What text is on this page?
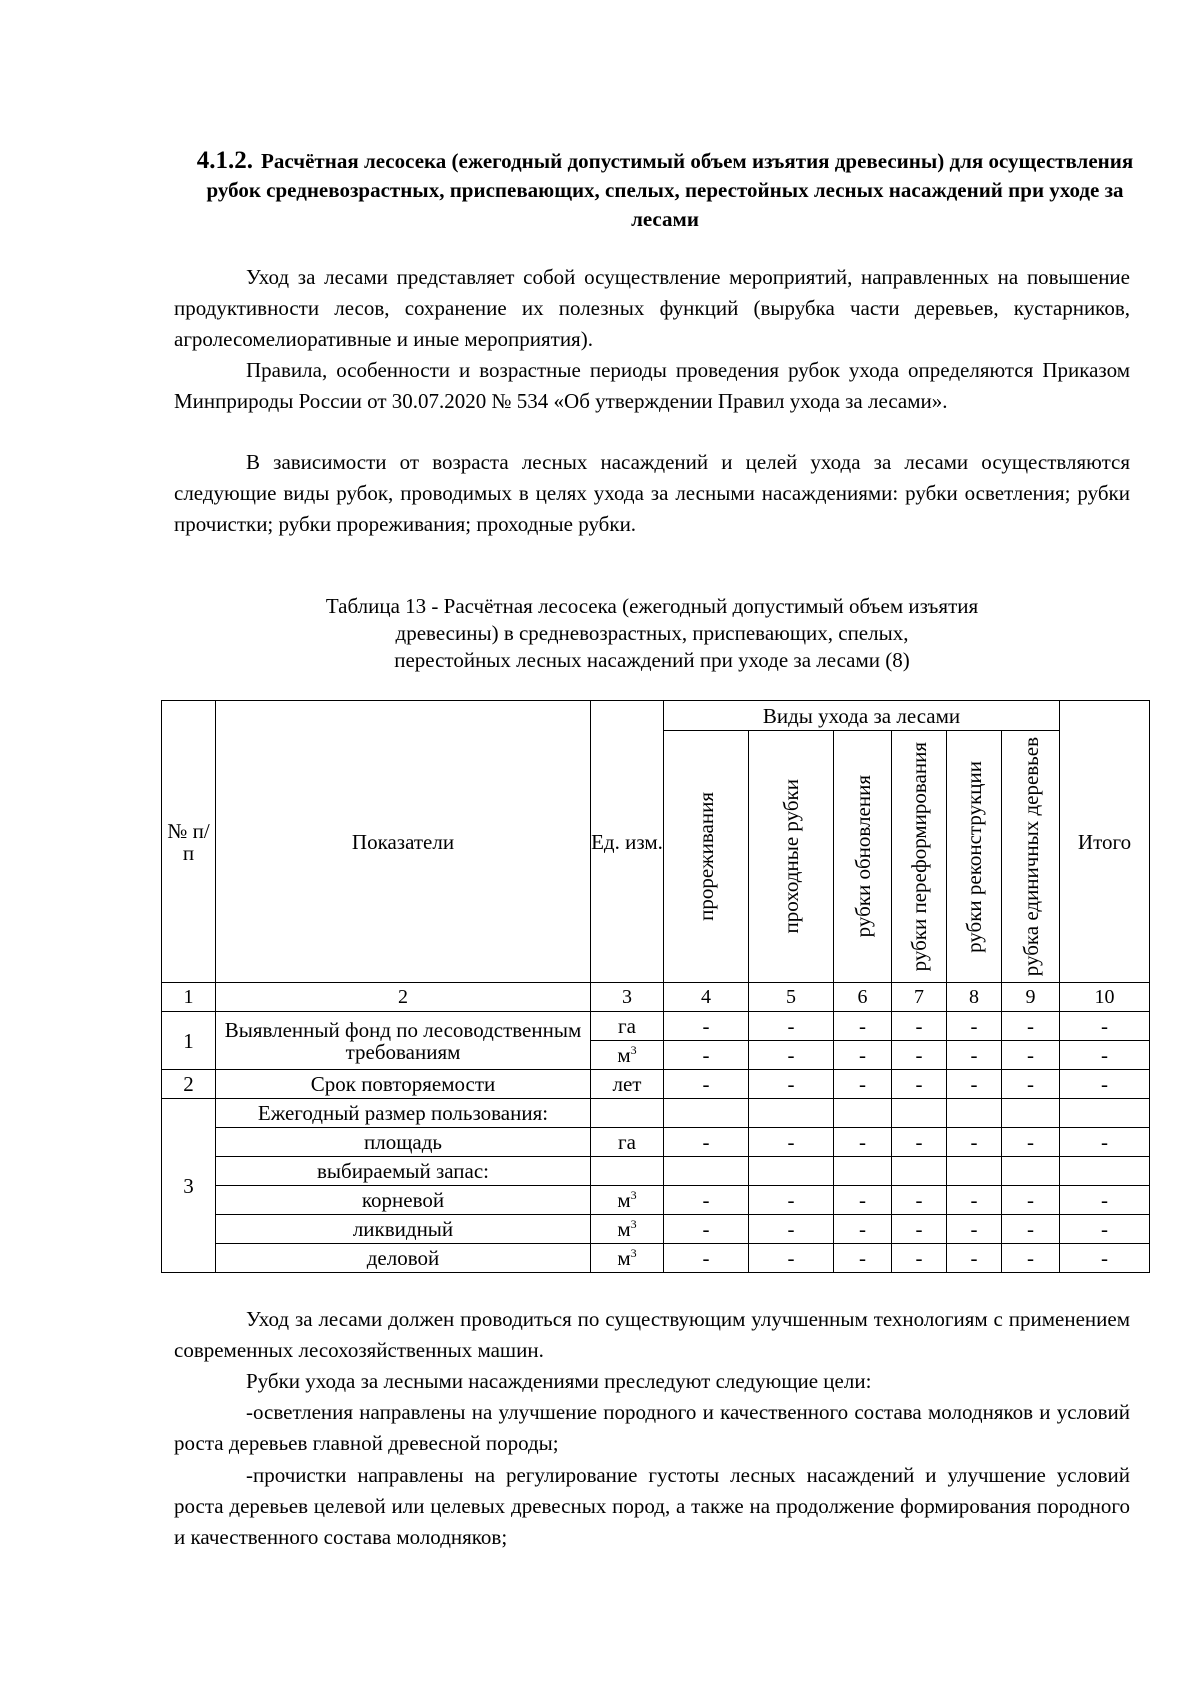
4.1.2. Расчётная лесосека (ежегодный допустимый объем изъятия древесины) для осуществления рубок средневозрастных, приспевающих, спелых, перестойных лесных насаждений при уходе за лесами

Уход за лесами представляет собой осуществление мероприятий, направленных на повышение продуктивности лесов, сохранение их полезных функций (вырубка части деревьев, кустарников, агролесомелиоративные и иные мероприятия).

Правила, особенности и возрастные периоды проведения рубок ухода определяются Приказом Минприроды России от 30.07.2020 № 534 «Об утверждении Правил ухода за лесами».

В зависимости от возраста лесных насаждений и целей ухода за лесами осуществляются следующие виды рубок, проводимых в целях ухода за лесными насаждениями: рубки осветления; рубки прочистки; рубки прореживания; проходные рубки.

Таблица 13 - Расчётная лесосека (ежегодный допустимый объем изъятия
древесины) в средневозрастных, приспевающих, спелых,
перестойных лесных насаждений при уходе за лесами (8)
№ п/ п	Показатели	Ед. изм.	Виды ухода за лесами						Итого

			прореживания	проходные рубки	рубки обновления	рубки переформирования	рубки реконструкции	рубка единичных деревьев	

1	2	3	4	5	6	7	8	9	10
1	Выявленный фонд по лесоводственным требованиям	га	-	-	-	-	-	-	-
		$м^3$	-	-	-	-	-	-	-
2	Срок повторяемости	лет	-	-	-	-	-	-	-
3	Ежегодный размер пользования:								
	площадь	га	-	-	-	-	-	-	-
	выбираемый запас:								
	корневой	$м^3$	-	-	-	-	-	-	-
	ликвидный	$м^3$	-	-	-	-	-	-	-
	деловой	$м^3$	-	-	-	-	-	-	-

Уход за лесами должен проводиться по существующим улучшенным технологиям с применением современных лесохозяйственных машин.

Рубки ухода за лесными насаждениями преследуют следующие цели:

-осветления направлены на улучшение породного и качественного состава молодняков и условий роста деревьев главной древесной породы;

-прочистки направлены на регулирование густоты лесных насаждений и улучшение условий роста деревьев целевой или целевых древесных пород, а также на продолжение формирования породного и качественного состава молодняков;
